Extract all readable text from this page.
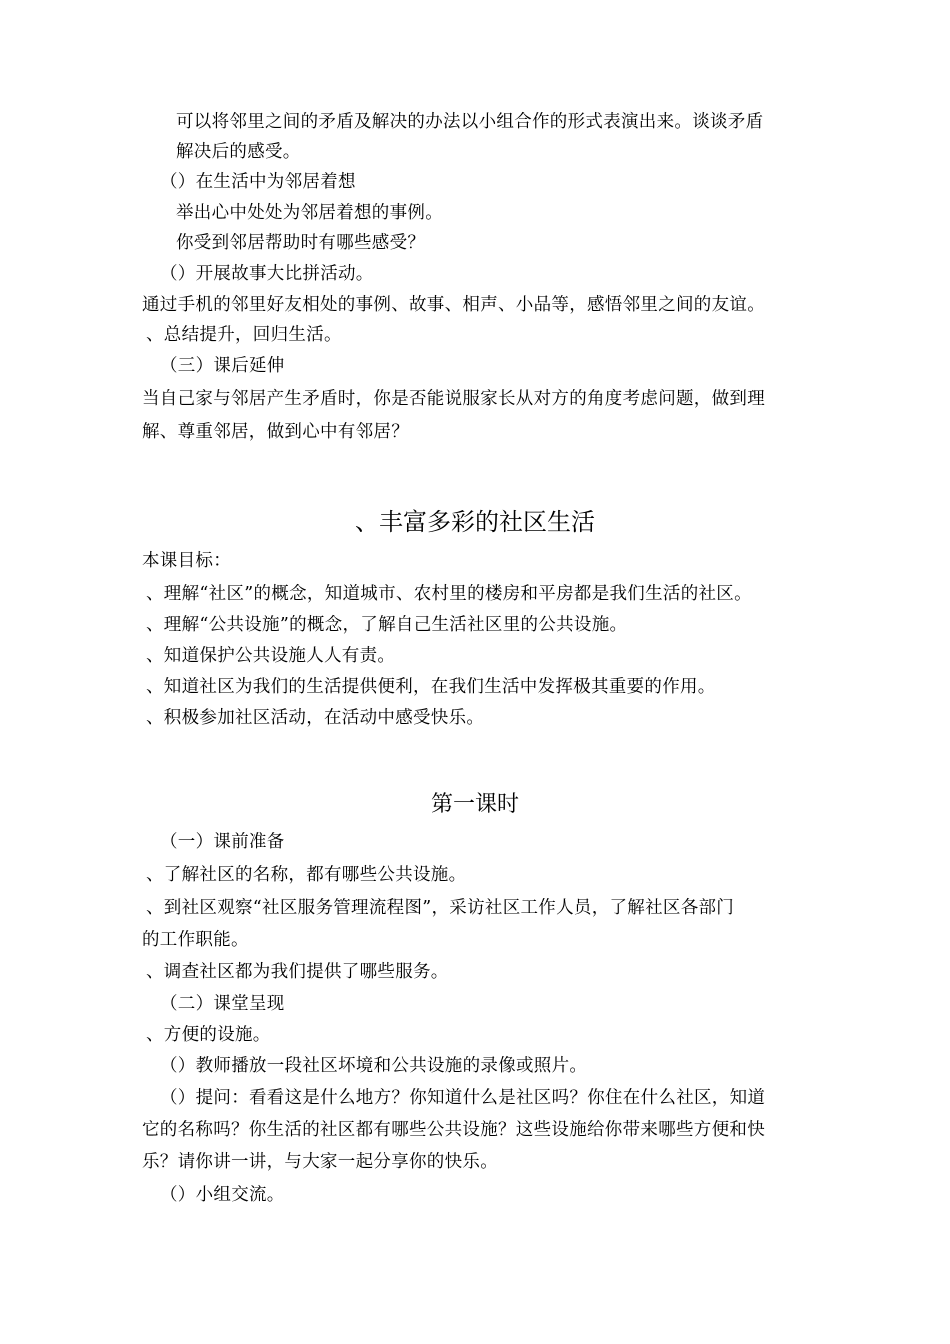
可以将邻里之间的矛盾及解决的办法以小组合作的形式表演出来。谈谈矛盾
解决后的感受。
（）在生活中为邻居着想
举出心中处处为邻居着想的事例。
你受到邻居帮助时有哪些感受？
（）开展故事大比拼活动。
通过手机的邻里好友相处的事例、故事、相声、小品等，感悟邻里之间的友谊。
、总结提升，回归生活。
（三）课后延伸
当自己家与邻居产生矛盾时，你是否能说服家长从对方的角度考虑问题，做到理
解、尊重邻居，做到心中有邻居？
、丰富多彩的社区生活
本课目标：
、理解“社区”的概念，知道城市、农村里的楼房和平房都是我们生活的社区。
、理解“公共设施”的概念，了解自己生活社区里的公共设施。
、知道保护公共设施人人有责。
、知道社区为我们的生活提供便利，在我们生活中发挥极其重要的作用。
、积极参加社区活动，在活动中感受快乐。
第一课时
（一）课前准备
、了解社区的名称，都有哪些公共设施。
、到社区观察“社区服务管理流程图”，采访社区工作人员，了解社区各部门
的工作职能。
、调查社区都为我们提供了哪些服务。
（二）课堂呈现
、方便的设施。
（）教师播放一段社区坏境和公共设施的录像或照片。
（）提问：看看这是什么地方？你知道什么是社区吗？你住在什么社区，知道
它的名称吗？你生活的社区都有哪些公共设施？这些设施给你带来哪些方便和快
乐？请你讲一讲，与大家一起分享你的快乐。
（）小组交流。
